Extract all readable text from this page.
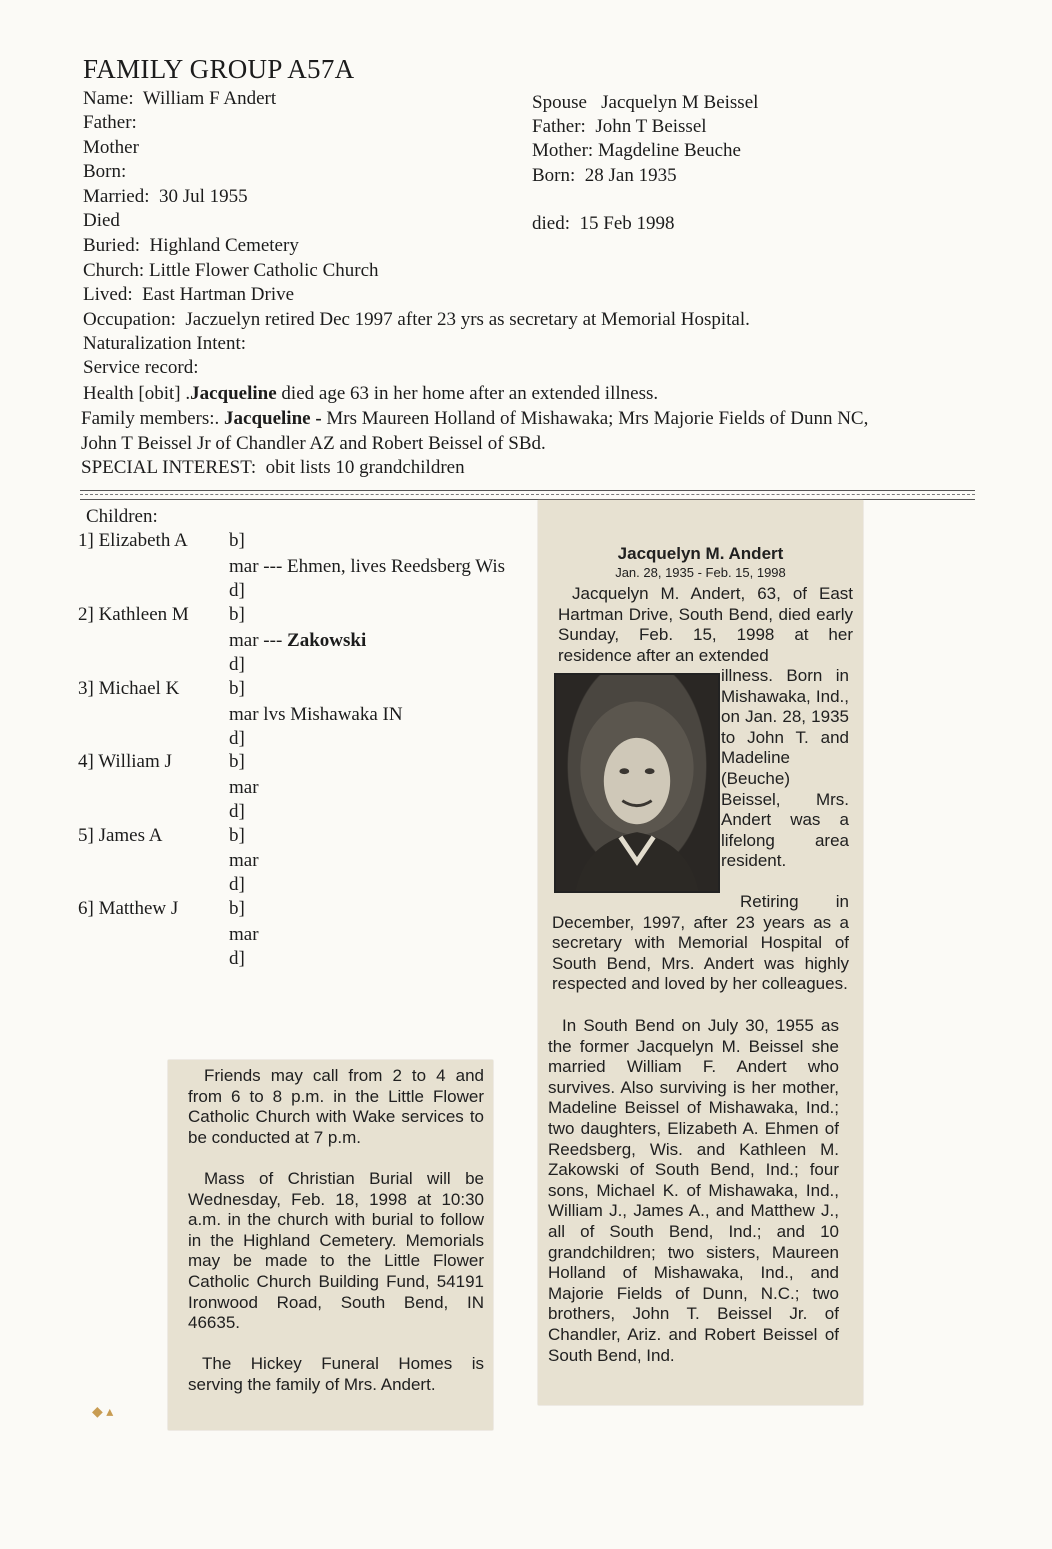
FAMILY GROUP A57A
Name: William F Andert
Father:
Mother
Born:
Married: 30 Jul 1955
Died
Buried: Highland Cemetery
Church: Little Flower Catholic Church
Lived: East Hartman Drive
Occupation: Jaczuelyn retired Dec 1997 after 23 yrs as secretary at Memorial Hospital.
Naturalization Intent:
Service record:
Health [obit] .Jacqueline died age 63 in her home after an extended illness.
Family members:. Jacqueline - Mrs Maureen Holland of Mishawaka; Mrs Majorie Fields of Dunn NC,
John T Beissel Jr of Chandler AZ and Robert Beissel of SBd.
SPECIAL INTEREST: obit lists 10 grandchildren
Spouse Jacquelyn M Beissel
Father: John T Beissel
Mother: Magdeline Beuche
Born: 28 Jan 1935
died: 15 Feb 1998
Children:
1] Elizabeth A b]
mar --- Ehmen, lives Reedsberg Wis
d]
2] Kathleen M b]
mar --- Zakowski
d]
3] Michael K	b]
mar lvs Mishawaka IN
d]
4] William J	b]
mar
d]
5] James A	b]
mar
d]
6] Matthew J	b]
mar
d]
Jacquelyn M. Andert
Jan. 28, 1935 - Feb. 15, 1998
Jacquelyn M. Andert, 63, of East Hartman Drive, South Bend, died early Sunday, Feb. 15, 1998 at her residence after an extended
illness. Born in Mishawaka, Ind., on Jan. 28, 1935 to John T. and Madeline (Beuche) Beissel, Mrs. Andert was a lifelong area resident.
Retiring in December, 1997, after 23 years as a secretary with Memorial Hospital of South Bend, Mrs. Andert was highly respected and loved by her colleagues.
In South Bend on July 30, 1955 as the former Jacquelyn M. Beissel she married William F. Andert who survives. Also surviving is her mother, Madeline Beissel of Mishawaka, Ind.; two daughters, Elizabeth A. Ehmen of Reedsberg, Wis. and Kathleen M. Zakowski of South Bend, Ind.; four sons, Michael K. of Mishawaka, Ind., William J., James A., and Matthew J., all of South Bend, Ind.; and 10 grandchildren; two sisters, Maureen Holland of Mishawaka, Ind., and Majorie Fields of Dunn, N.C.; two brothers, John T. Beissel Jr. of Chandler, Ariz. and Robert Beissel of South Bend, Ind.
Friends may call from 2 to 4 and from 6 to 8 p.m. in the Little Flower Catholic Church with Wake services to be conducted at 7 p.m.
Mass of Christian Burial will be Wednesday, Feb. 18, 1998 at 10:30 a.m. in the church with burial to follow in the Highland Cemetery. Memorials may be made to the Little Flower Catholic Church Building Fund, 54191 Ironwood Road, South Bend, IN 46635.
The Hickey Funeral Homes is serving the family of Mrs. Andert.
◆ ▴
